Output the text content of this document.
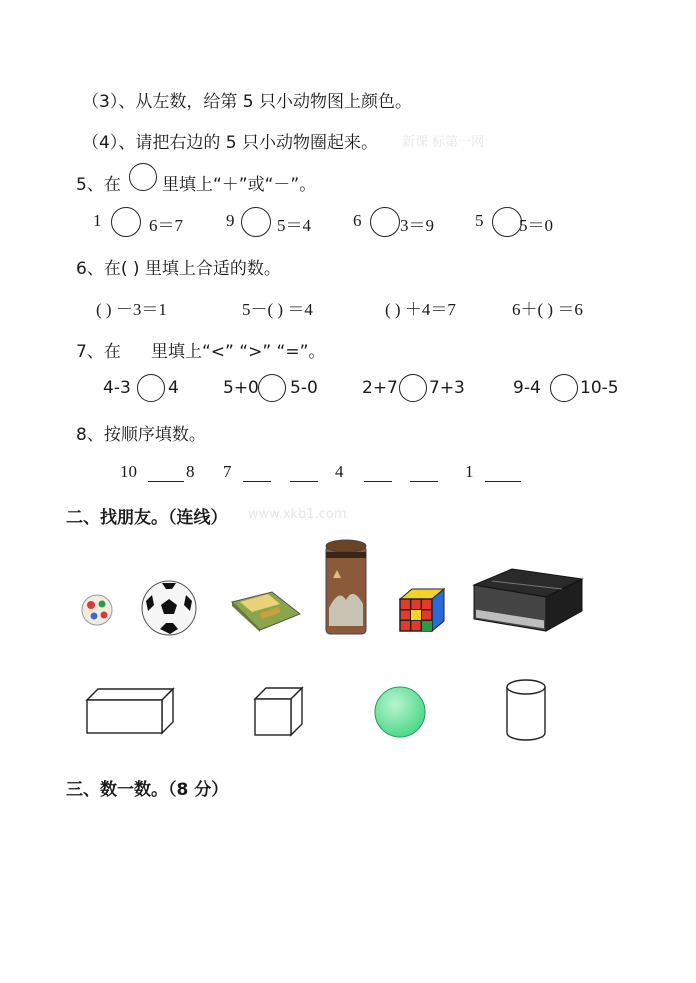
（3）、从左数，给第 5 只小动物图上颜色。
（4）、请把右边的 5 只小动物圈起来。 新课 标第一网
5、在 里填上“＋”或“－”。
1	6＝7	9	5＝4 6 3＝9 5 5＝0
6、在( ) 里填上合适的数。
( ) －3＝1	5－( ) ＝4	( ) ＋4＝7	6＋( ) ＝6
7、在 里填上“<” “>” “=”。
4-3 4	5+0 5-0	2+7 7+3	9-4 10-5
8、按顺序填数。
10	8 7	4	1
二、找朋友。（连线） www.xkb1.com
三、数一数。（8 分）
